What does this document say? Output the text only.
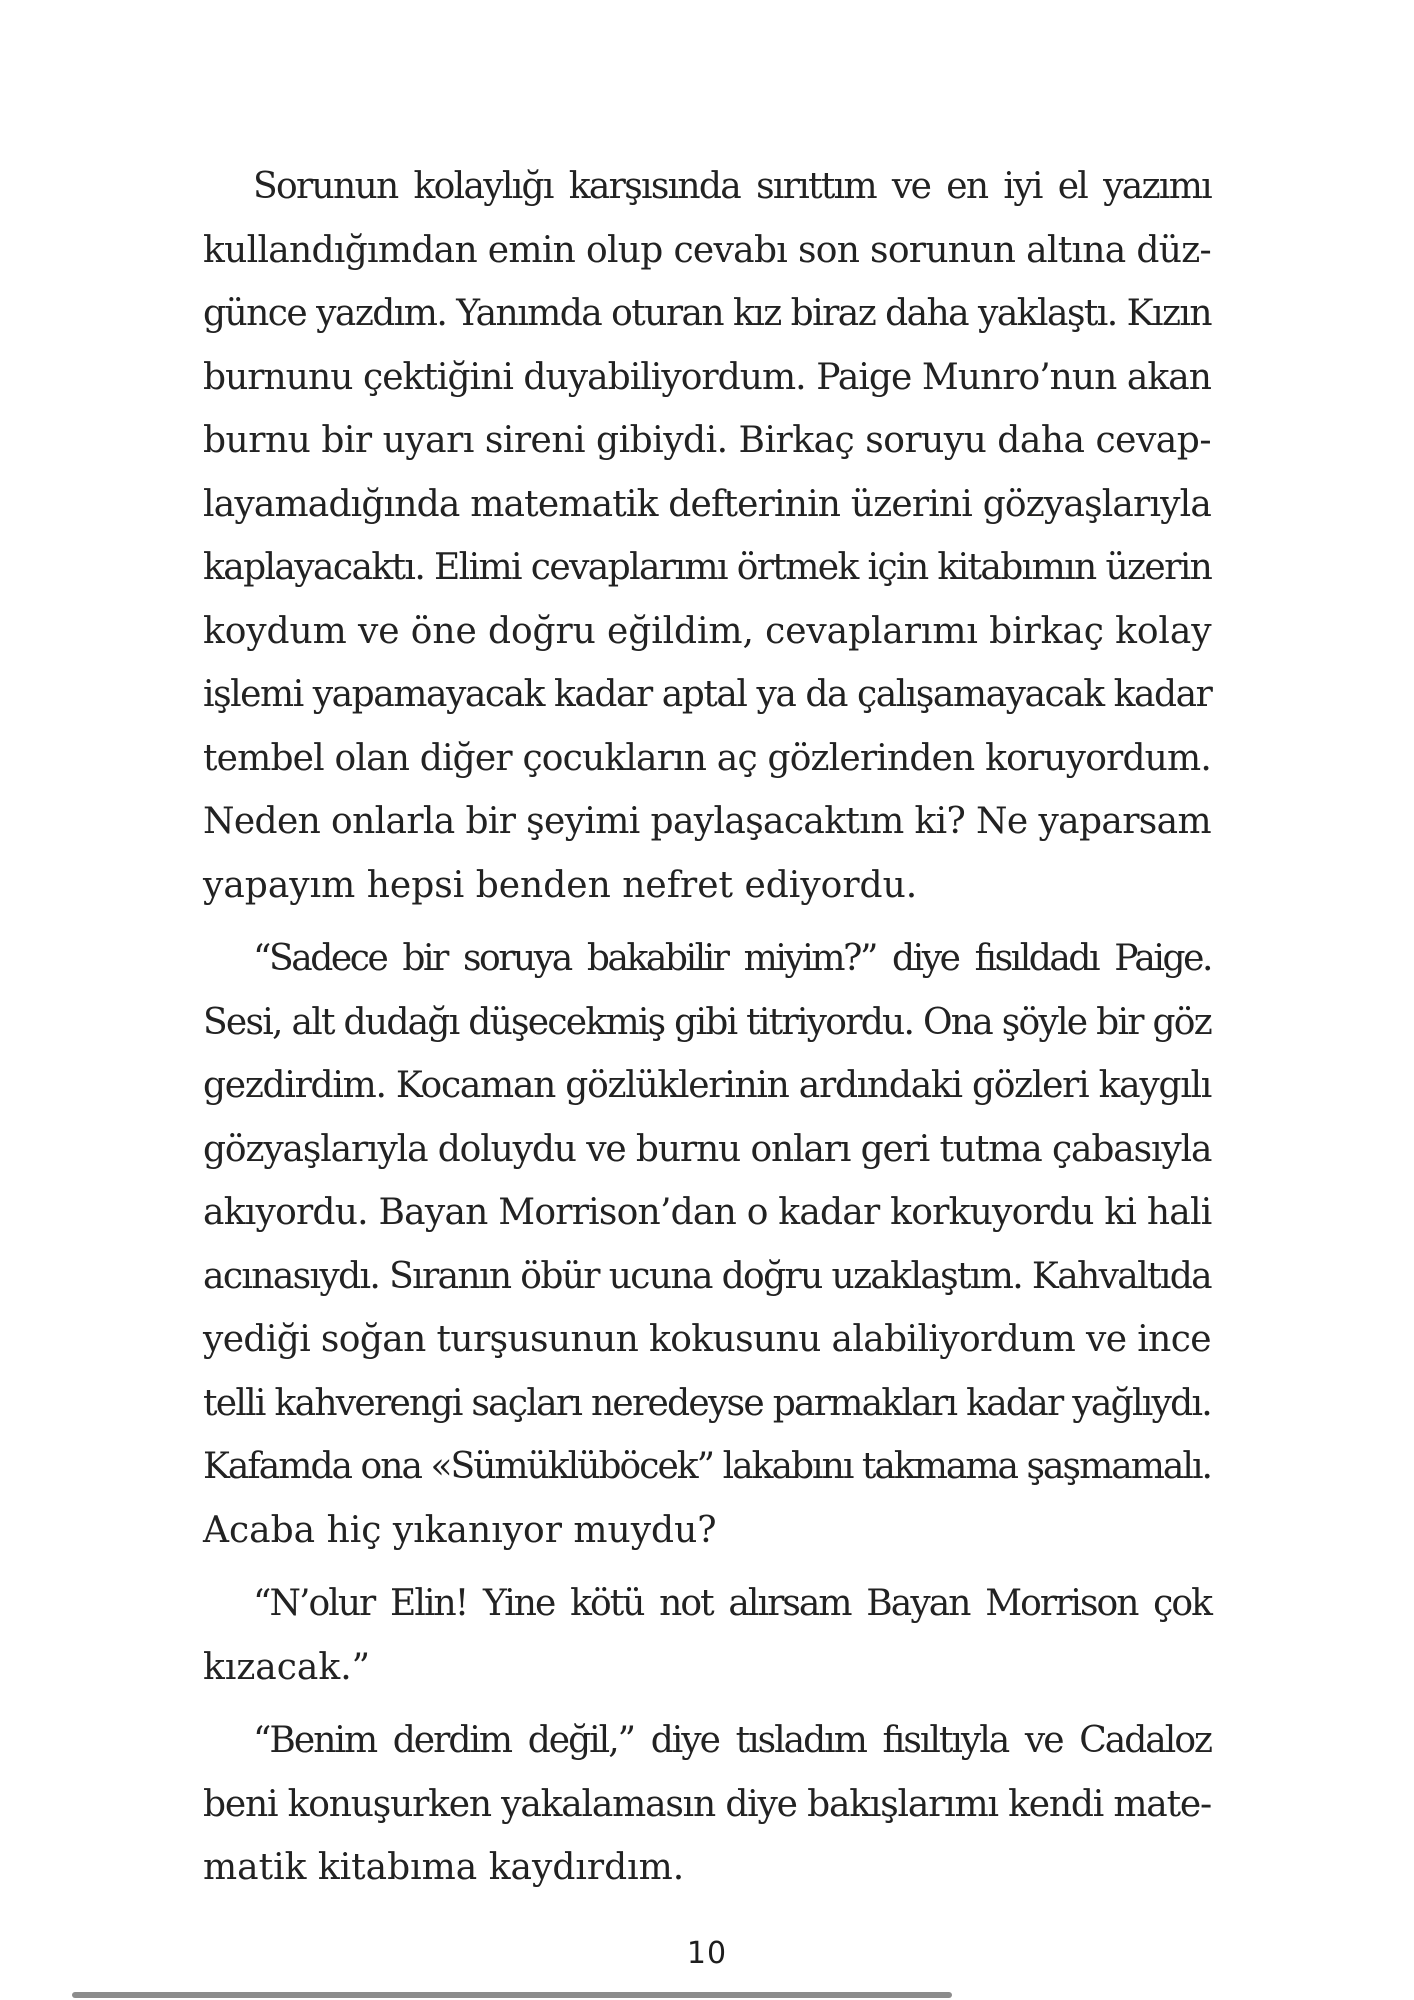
Sorunun kolaylığı karşısında sırıttım ve en iyi el yazımı
kullandığımdan emin olup cevabı son sorunun altına düz-
günce yazdım. Yanımda oturan kız biraz daha yaklaştı. Kızın
burnunu çektiğini duyabiliyordum. Paige Munro’nun akan
burnu bir uyarı sireni gibiydi. Birkaç soruyu daha cevap-
layamadığında matematik defterinin üzerini gözyaşlarıyla
kaplayacaktı. Elimi cevaplarımı örtmek için kitabımın üzerin
koydum ve öne doğru eğildim, cevaplarımı birkaç kolay
işlemi yapamayacak kadar aptal ya da çalışamayacak kadar
tembel olan diğer çocukların aç gözlerinden koruyordum.
Neden onlarla bir şeyimi paylaşacaktım ki? Ne yaparsam
yapayım hepsi benden nefret ediyordu.
“Sadece bir soruya bakabilir miyim?” diye fısıldadı Paige.
Sesi, alt dudağı düşecekmiş gibi titriyordu. Ona şöyle bir göz
gezdirdim. Kocaman gözlüklerinin ardındaki gözleri kaygılı
gözyaşlarıyla doluydu ve burnu onları geri tutma çabasıyla
akıyordu. Bayan Morrison’dan o kadar korkuyordu ki hali
acınasıydı. Sıranın öbür ucuna doğru uzaklaştım. Kahvaltıda
yediği soğan turşusunun kokusunu alabiliyordum ve ince
telli kahverengi saçları neredeyse parmakları kadar yağlıydı.
Kafamda ona «Sümüklüböcek” lakabını takmama şaşmamalı.
Acaba hiç yıkanıyor muydu?
“N’olur Elin! Yine kötü not alırsam Bayan Morrison çok
kızacak.”
“Benim derdim değil,” diye tısladım fısıltıyla ve Cadaloz
beni konuşurken yakalamasın diye bakışlarımı kendi mate-
matik kitabıma kaydırdım.
10
